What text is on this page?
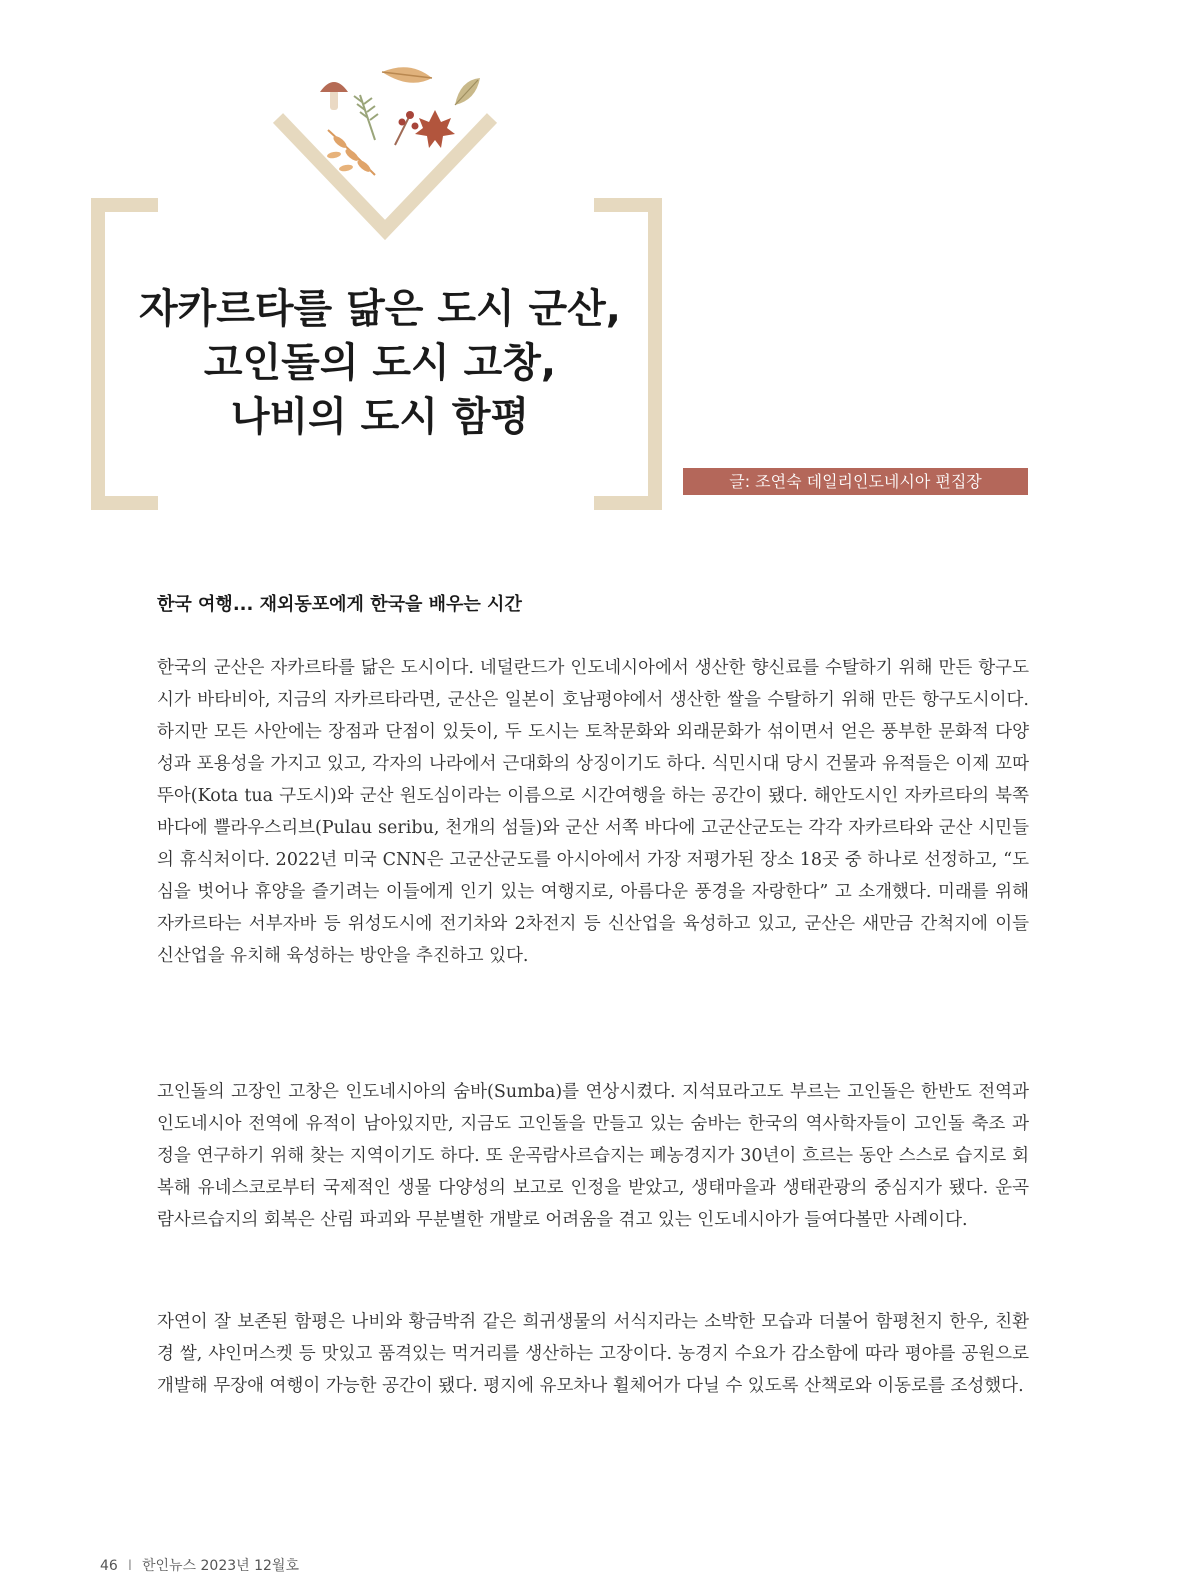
자카르타를 닮은 도시 군산,
고인돌의 도시 고창,
나비의 도시 함평
글: 조연숙 데일리인도네시아 편집장
한국 여행... 재외동포에게 한국을 배우는 시간

한국의 군산은 자카르타를 닮은 도시이다. 네덜란드가 인도네시아에서 생산한 향신료를 수탈하기 위해 만든 항구도시가 바타비아, 지금의 자카르타라면, 군산은 일본이 호남평야에서 생산한 쌀을 수탈하기 위해 만든 항구도시이다. 하지만 모든 사안에는 장점과 단점이 있듯이, 두 도시는 토착문화와 외래문화가 섞이면서 얻은 풍부한 문화적 다양성과 포용성을 가지고 있고, 각자의 나라에서 근대화의 상징이기도 하다. 식민시대 당시 건물과 유적들은 이제 꼬따뚜아(Kota tua 구도시)와 군산 원도심이라는 이름으로 시간여행을 하는 공간이 됐다. 해안도시인 자카르타의 북쪽 바다에 쁠라우스리브(Pulau seribu, 천개의 섬들)와 군산 서쪽 바다에 고군산군도는 각각 자카르타와 군산 시민들의 휴식처이다. 2022년 미국 CNN은 고군산군도를 아시아에서 가장 저평가된 장소 18곳 중 하나로 선정하고, “도심을 벗어나 휴양을 즐기려는 이들에게 인기 있는 여행지로, 아름다운 풍경을 자랑한다” 고 소개했다. 미래를 위해 자카르타는 서부자바 등 위성도시에 전기차와 2차전지 등 신산업을 육성하고 있고, 군산은 새만금 간척지에 이들 신산업을 유치해 육성하는 방안을 추진하고 있다.

고인돌의 고장인 고창은 인도네시아의 숨바(Sumba)를 연상시켰다. 지석묘라고도 부르는 고인돌은 한반도 전역과 인도네시아 전역에 유적이 남아있지만, 지금도 고인돌을 만들고 있는 숨바는 한국의 역사학자들이 고인돌 축조 과정을 연구하기 위해 찾는 지역이기도 하다. 또 운곡람사르습지는 폐농경지가 30년이 흐르는 동안 스스로 습지로 회복해 유네스코로부터 국제적인 생물 다양성의 보고로 인정을 받았고, 생태마을과 생태관광의 중심지가 됐다. 운곡람사르습지의 회복은 산림 파괴와 무분별한 개발로 어려움을 겪고 있는 인도네시아가 들여다볼만 사례이다.

자연이 잘 보존된 함평은 나비와 황금박쥐 같은 희귀생물의 서식지라는 소박한 모습과 더불어 함평천지 한우, 친환경 쌀, 샤인머스켓 등 맛있고 품격있는 먹거리를 생산하는 고장이다. 농경지 수요가 감소함에 따라 평야를 공원으로 개발해 무장애 여행이 가능한 공간이 됐다. 평지에 유모차나 휠체어가 다닐 수 있도록 산책로와 이동로를 조성했다.

46 I 한인뉴스 2023년 12월호
